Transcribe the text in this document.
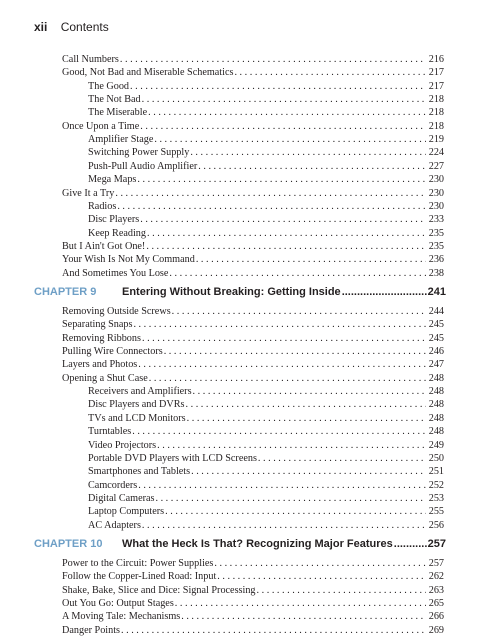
xii Contents
Call Numbers . . .	216
Good, Not Bad and Miserable Schematics . . .	217
The Good . . .	217
The Not Bad . . .	218
The Miserable . . .	218
Once Upon a Time . . .	218
Amplifier Stage . . .	219
Switching Power Supply . . .	224
Push-Pull Audio Amplifier . . .	227
Mega Maps . . .	230
Give It a Try . . .	230
Radios . . .	230
Disc Players . . .	233
Keep Reading . . .	235
But I Ain't Got One! . . .	235
Your Wish Is Not My Command . . .	236
And Sometimes You Lose . . .	238
CHAPTER 9	Entering Without Breaking: Getting Inside .....	241
Removing Outside Screws . . .	244
Separating Snaps . . .	245
Removing Ribbons . . .	245
Pulling Wire Connectors . . .	246
Layers and Photos . . .	247
Opening a Shut Case . . .	248
Receivers and Amplifiers . . .	248
Disc Players and DVRs . . .	248
TVs and LCD Monitors . . .	248
Turntables . . .	248
Video Projectors . . .	249
Portable DVD Players with LCD Screens . . .	250
Smartphones and Tablets . . .	251
Camcorders . . .	252
Digital Cameras . . .	253
Laptop Computers . . .	255
AC Adapters . . .	256
CHAPTER 10	What the Heck Is That? Recognizing Major Features .....	257
Power to the Circuit: Power Supplies . . .	257
Follow the Copper-Lined Road: Input . . .	262
Shake, Bake, Slice and Dice: Signal Processing . . .	263
Out You Go: Output Stages . . .	265
A Moving Tale: Mechanisms . . .	266
Danger Points . . .	269
